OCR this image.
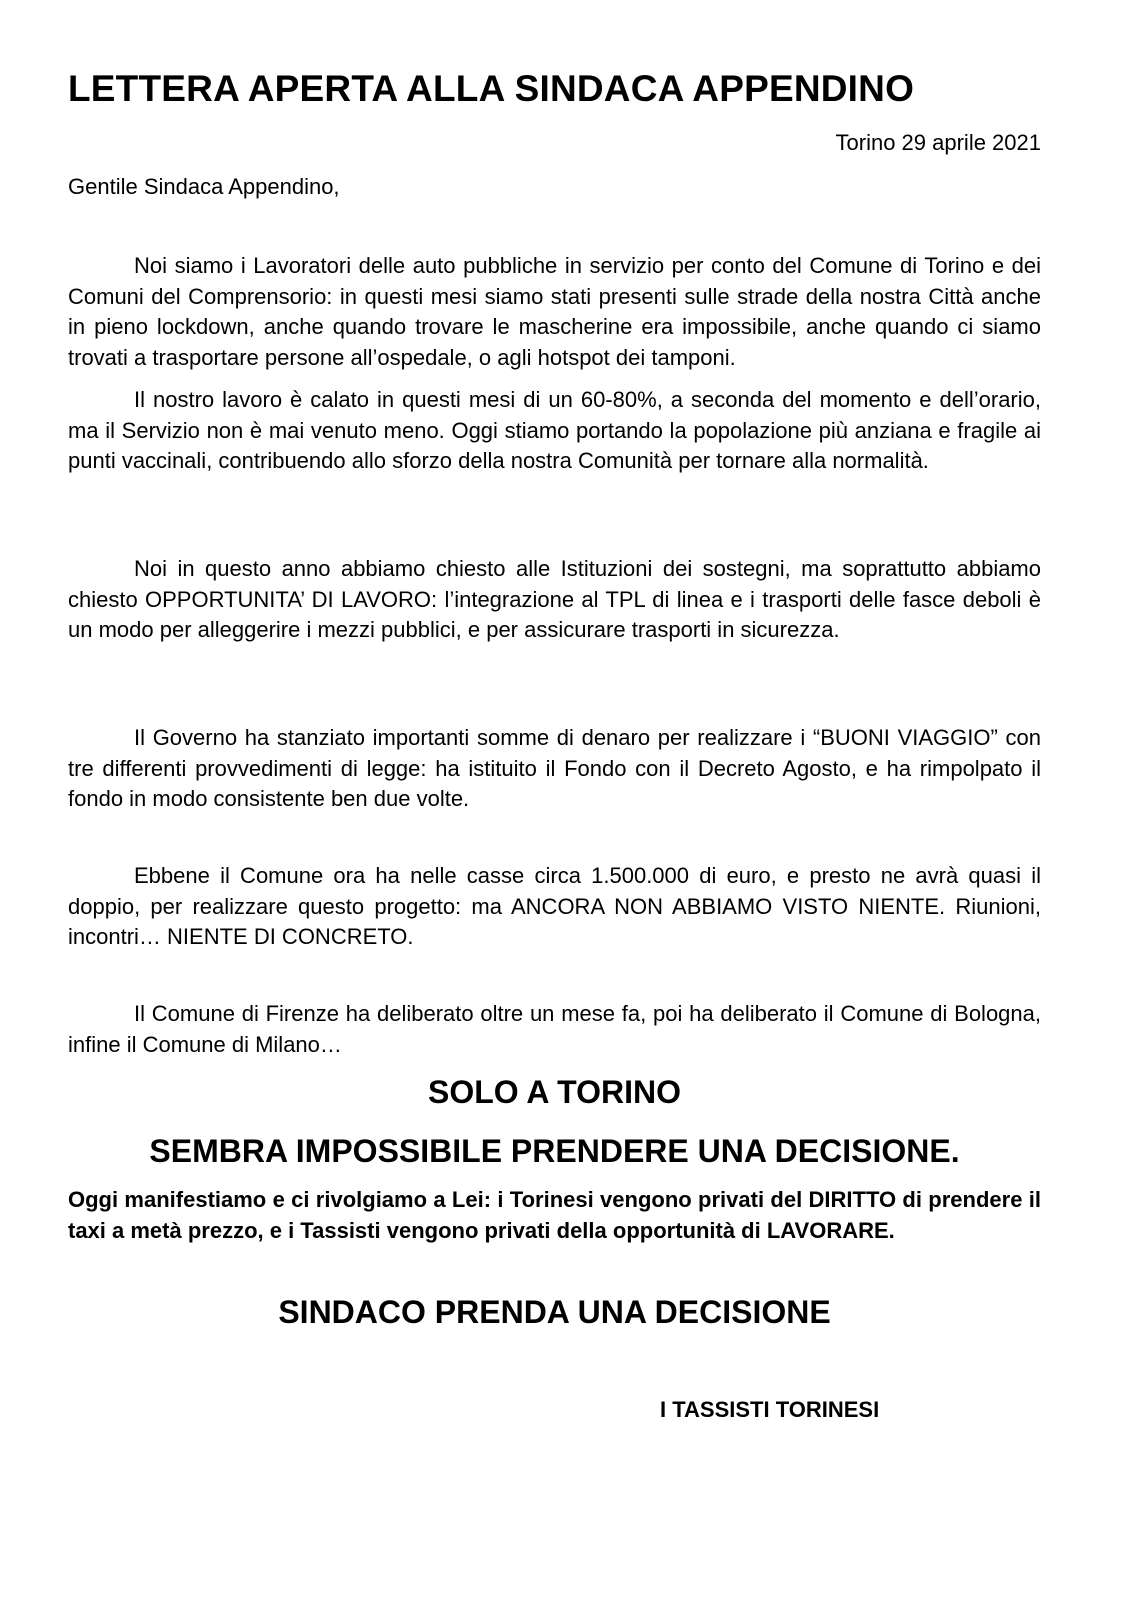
LETTERA APERTA ALLA SINDACA APPENDINO
Torino 29 aprile 2021
Gentile Sindaca Appendino,

Noi siamo i Lavoratori delle auto pubbliche in servizio per conto del Comune di Torino e dei Comuni del Comprensorio: in questi mesi siamo stati presenti sulle strade della nostra Città anche in pieno lockdown, anche quando trovare le mascherine era impossibile, anche quando ci siamo trovati a trasportare persone all’ospedale, o agli hotspot dei tamponi.

Il nostro lavoro è calato in questi mesi di un 60-80%, a seconda del momento e dell’orario, ma il Servizio non è mai venuto meno. Oggi stiamo portando la popolazione più anziana e fragile ai punti vaccinali, contribuendo allo sforzo della nostra Comunità per tornare alla normalità.

Noi in questo anno abbiamo chiesto alle Istituzioni dei sostegni, ma soprattutto abbiamo chiesto OPPORTUNITA’ DI LAVORO: l’integrazione al TPL di linea e i trasporti delle fasce deboli è un modo per alleggerire i mezzi pubblici, e per assicurare trasporti in sicurezza.

Il Governo ha stanziato importanti somme di denaro per realizzare i “BUONI VIAGGIO” con tre differenti provvedimenti di legge: ha istituito il Fondo con il Decreto Agosto, e ha rimpolpato il fondo in modo consistente ben due volte.

Ebbene il Comune ora ha nelle casse circa 1.500.000 di euro, e presto ne avrà quasi il doppio, per realizzare questo progetto: ma ANCORA NON ABBIAMO VISTO NIENTE. Riunioni, incontri… NIENTE DI CONCRETO.

Il Comune di Firenze ha deliberato oltre un mese fa, poi ha deliberato il Comune di Bologna, infine il Comune di Milano…

SOLO A TORINO
SEMBRA IMPOSSIBILE PRENDERE UNA DECISIONE.

Oggi manifestiamo e ci rivolgiamo a Lei: i Torinesi vengono privati del DIRITTO di prendere il taxi a metà prezzo, e i Tassisti vengono privati della opportunità di LAVORARE.

SINDACO PRENDA UNA DECISIONE
I TASSISTI TORINESI
